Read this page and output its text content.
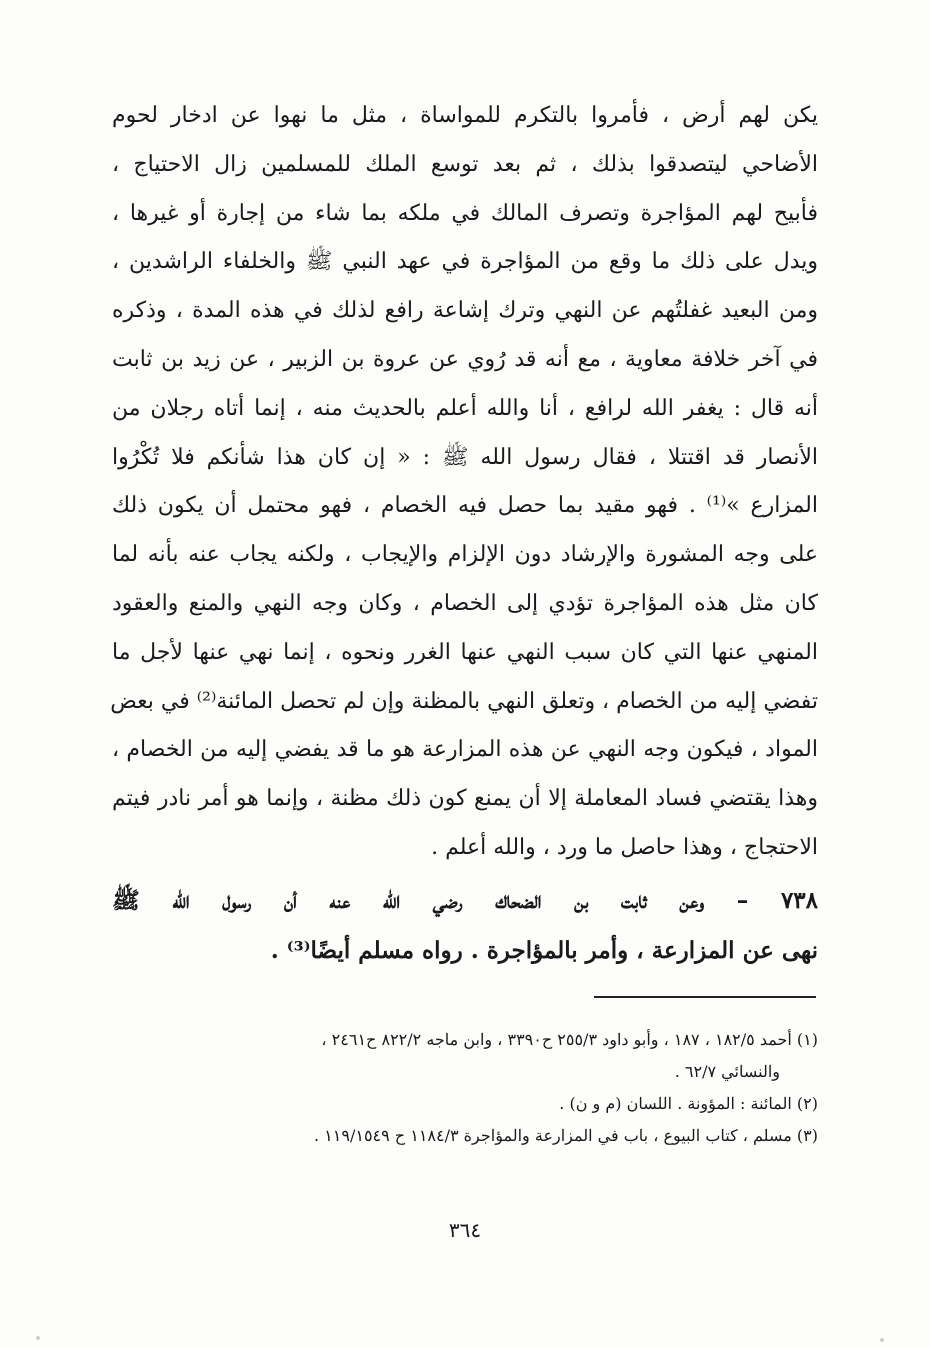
يكن لهم أرض ، فأمروا بالتكرم للمواساة ، مثل ما نهوا عن ادخار لحوم
الأضاحي ليتصدقوا بذلك ، ثم بعد توسع الملك للمسلمين زال الاحتياج ،
فأبيح لهم المؤاجرة وتصرف المالك في ملكه بما شاء من إجارة أو غيرها ،
ويدل على ذلك ما وقع من المؤاجرة في عهد النبي ﷺ والخلفاء الراشدين ،
ومن البعيد غفلتُهم عن النهي وترك إشاعة رافع لذلك في هذه المدة ، وذكره
في آخر خلافة معاوية ، مع أنه قد رُوي عن عروة بن الزبير ، عن زيد بن ثابت
أنه قال : يغفر الله لرافع ، أنا والله أعلم بالحديث منه ، إنما أتاه رجلان من
الأنصار قد اقتتلا ، فقال رسول الله ﷺ : « إن كان هذا شأنكم فلا تُكْرُوا
المزارع »⁽¹⁾ . فهو مقيد بما حصل فيه الخصام ، فهو محتمل أن يكون ذلك
على وجه المشورة والإرشاد دون الإلزام والإيجاب ، ولكنه يجاب عنه بأنه لما
كان مثل هذه المؤاجرة تؤدي إلى الخصام ، وكان وجه النهي والمنع والعقود
المنهي عنها التي كان سبب النهي عنها الغرر ونحوه ، إنما نهي عنها لأجل ما
تفضي إليه من الخصام ، وتعلق النهي بالمظنة وإن لم تحصل المائنة⁽²⁾ في بعض
المواد ، فيكون وجه النهي عن هذه المزارعة هو ما قد يفضي إليه من الخصام ،
وهذا يقتضي فساد المعاملة إلا أن يمنع كون ذلك مظنة ، وإنما هو أمر نادر فيتم
الاحتجاج ، وهذا حاصل ما ورد ، والله أعلم .
٧٣٨ – وعن ثابت بن الضحاك رضي الله عنه أن رسول الله ﷺ
نهى عن المزارعة ، وأمر بالمؤاجرة . رواه مسلم أيضًا⁽³⁾ .
(١) أحمد ١٨٢/٥ ، ١٨٧ ، وأبو داود ٢٥٥/٣ ح٣٣٩٠ ، وابن ماجه ٨٢٢/٢ ح٢٤٦١ ،
والنسائي ٦٢/٧ .
(٢) المائنة : المؤونة . اللسان (م و ن) .
(٣) مسلم ، كتاب البيوع ، باب في المزارعة والمؤاجرة ١١٨٤/٣ ح ١١٩/١٥٤٩ .
٣٦٤
